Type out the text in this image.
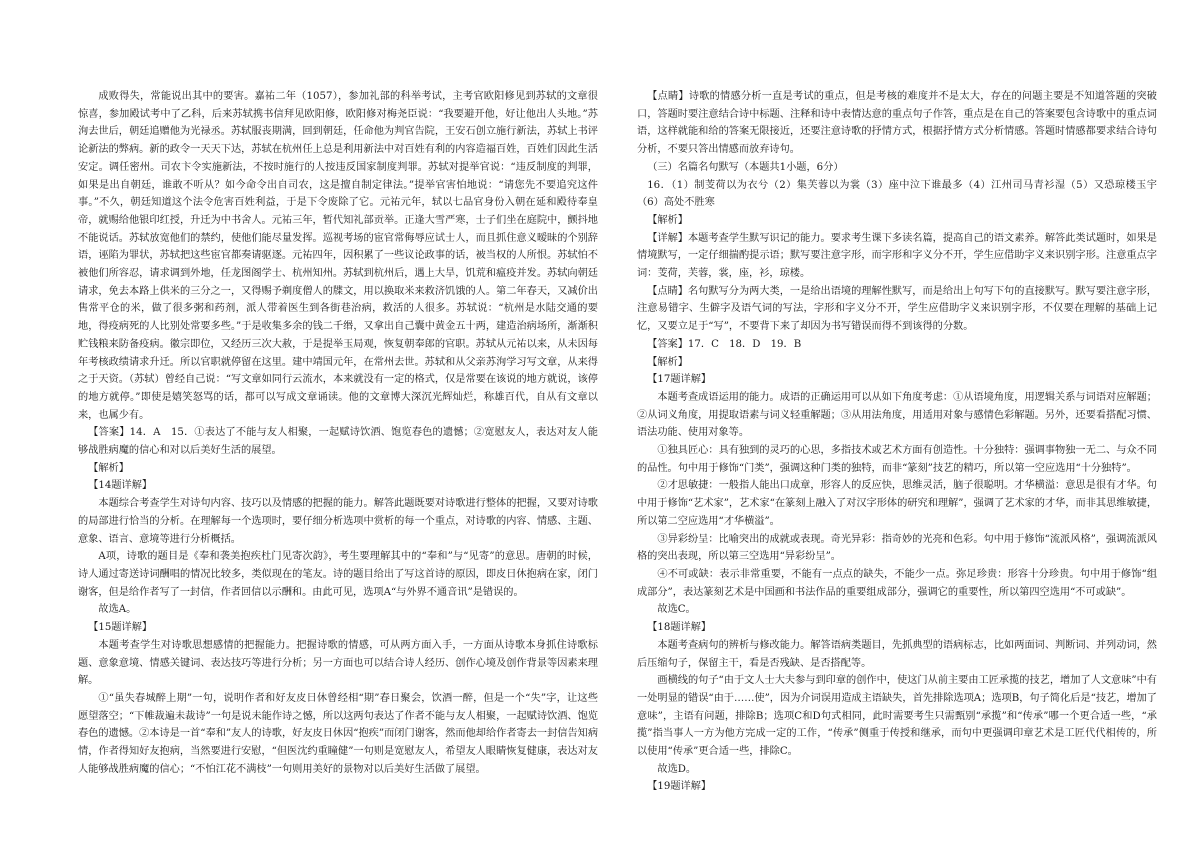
成败得失，常能说出其中的要害。嘉祐二年（1057），参加礼部的科举考试，主考官欧阳修见到苏轼的文章很惊喜，参加殿试考中了乙科，后来苏轼携书信拜见欧阳修，欧阳修对梅尧臣说：“我要避开他，好让他出人头地。”苏洵去世后，朝廷追赠他为光禄丞。苏轼服丧期满，回到朝廷，任命他为判官告院，王安石创立施行新法，苏轼上书评论新法的弊病。新的政令一天天下达，苏轼在杭州任上总是利用新法中对百姓有利的内容造福百姓，百姓们因此生活安定。调任密州。司农卞令实施新法，不按时施行的人按违反国家制度判罪。苏轼对提举官说：“违反制度的判罪，如果是出自朝廷，谁敢不听从？如今命令出自司农，这是擅自制定律法。”提举官害怕地说：“请您先不要追究这件事。”不久，朝廷知道这个法令危害百姓利益，于是下令废除了它。元祐元年，轼以七品官身份入朝在延和殿待奉皇帝，就赐给他银印红授，升迁为中书舍人。元祐三年，暂代知礼部贡举。正逢大雪严寒，士子们坐在庭院中，颤抖地不能说话。苏轼放宽他们的禁约，使他们能尽量发挥。巡视考场的宦官常侮辱应试士人，而且抓住意义暧昧的个别辞语，诬陷为罪状，苏轼把这些宦官都奏请驱逐。元祐四年，因积累了一些议论政事的话，被当权的人所恨。苏轼怕不被他们所容忍，请求调到外地，任龙图阁学士、杭州知州。苏轼到杭州后，遇上大旱，饥荒和瘟疫并发。苏轼向朝廷请求，免去本路上供米的三分之一，又得赐予剃度僧人的牒文，用以换取米来救济饥饿的人。第二年春天，又减价出售常平仓的米，做了很多粥和药剂，派人带着医生到各街巷治病，救活的人很多。苏轼说：“杭州是水陆交通的要地，得疫病死的人比别处常要多些。”于是收集多余的钱二千缗，又拿出自己囊中黄金五十两，建造治病场所，渐渐积贮钱粮来防备疫病。徽宗即位，又经历三次大赦，于是提举玉局观，恢复朝奉郎的官职。苏轼从元祐以来，从未因每年考核政绩请求升迁。所以官职就停留在这里。建中靖国元年，在常州去世。苏轼和从父亲苏洵学习写文章，从来得之于天资。（苏轼）曾经自己说：“写文章如同行云流水，本来就没有一定的格式，仅是常要在该说的地方就说，该停的地方就停。”即使是嬉笑怒骂的话，都可以写成文章诵读。他的文章博大深沉光辉灿烂，称雄百代，自从有文章以来，也属少有。

【答案】14．A　15．①表达了不能与友人相聚，一起赋诗饮酒、饱览春色的遗憾；②宽慰友人，表达对友人能够战胜病魔的信心和对以后美好生活的展望。

【解析】

【14题详解】

本题综合考查学生对诗句内容、技巧以及情感的把握的能力。解答此题既要对诗歌进行整体的把握，又要对诗歌的局部进行恰当的分析。在理解每一个选项时，要仔细分析选项中赏析的每一个重点，对诗歌的内容、情感、主题、意象、语言、意境等进行分析概括。

A项，诗歌的题目是《奉和袭美抱疾杜门见寄次韵》，考生要理解其中的“奉和”与“见寄”的意思。唐朝的时候，诗人通过寄送诗词酬唱的情况比较多，类似现在的笔友。诗的题目给出了写这首诗的原因，即皮日休抱病在家，闭门谢客，但是给作者写了一封信，作者回信以示酬和。由此可见，选项A“与外界不通音讯”是错误的。

故选A。

【15题详解】

本题考查学生对诗歌思想感情的把握能力。把握诗歌的情感，可从两方面入手，一方面从诗歌本身抓住诗歌标题、意象意境、情感关键词、表达技巧等进行分析；另一方面也可以结合诗人经历、创作心境及创作背景等因素来理解。

①“虽失春城醉上期”一句，说明作者和好友皮日休曾经相“期”春日聚会，饮酒一醉，但是一个“失”字，让这些愿望落空；“下帷裁遍未裁诗”一句是说未能作诗之憾，所以这两句表达了作者不能与友人相聚，一起赋诗饮酒、饱览春色的遗憾。②本诗是一首“奉和”友人的诗歌，好友皮日休因“抱疾”而闭门谢客，然而他却给作者寄去一封信告知病情，作者得知好友抱病，当然要进行安慰，“但医沈约重瞳健”一句则是宽慰友人，希望友人眼睛恢复健康，表达对友人能够战胜病魔的信心；“不怕江花不满枝”一句则用美好的景物对以后美好生活做了展望。

【点睛】诗歌的情感分析一直是考试的重点，但是考核的难度并不是太大，存在的问题主要是不知道答题的突破口，答题时要注意结合诗中标题、注释和诗中表情达意的重点句子作答，重点是在自己的答案要包含诗歌中的重点词语，这样就能和给的答案无限接近，还要注意诗歌的抒情方式，根据抒情方式分析情感。答题时情感都要求结合诗句分析，不要只答出情感而放弃诗句。

（三）名篇名句默写（本题共1小题，6分）

16．（1）制芰荷以为衣兮（2）集芙蓉以为裳（3）座中泣下谁最多（4）江州司马青衫湿（5）又恐琼楼玉宇（6）高处不胜寒

【解析】

【详解】本题考查学生默写识记的能力。要求考生课下多读名篇，提高自己的语文素养。解答此类试题时，如果是情境默写，一定仔细揣酌提示语；默写要注意字形，而字形和字义分不开，学生应借助字义来识别字形。注意重点字词：芰荷，芙蓉，裳，座，衫，琼楼。

【点睛】名句默写分为两大类，一是给出语境的理解性默写，而是给出上句写下句的直接默写。默写要注意字形，注意易错字、生僻字及语气词的写法，字形和字义分不开，学生应借助字义来识别字形，不仅要在理解的基础上记忆，又要立足于“写”，不要背下来了却因为书写错误而得不到该得的分数。

【答案】17．C　18．D　19．B

【解析】

【17题详解】

本题考查成语运用的能力。成语的正确运用可以从如下角度考虑：①从语境角度，用逻辑关系与词语对应解题；②从词义角度，用提取语素与词义轻重解题；③从用法角度，用适用对象与感情色彩解题。另外，还要看搭配习惯、语法功能、使用对象等。

①独具匠心：具有独到的灵巧的心思，多指技术或艺术方面有创造性。十分独特：强调事物独一无二、与众不同的品性。句中用于修饰“门类”，强调这种门类的独特，而非“篆刻”技艺的精巧，所以第一空应选用“十分独特”。

②才思敏捷：一般指人能出口成章，形容人的反应快，思维灵活，脑子很聪明。才华横溢：意思是很有才华。句中用于修饰“艺术家”，艺术家“在篆刻上融入了对汉字形体的研究和理解”，强调了艺术家的才华，而非其思维敏捷，所以第二空应选用“才华横溢”。

③异彩纷呈：比喻突出的成就或表现。奇光异彩：指奇妙的光亮和色彩。句中用于修饰“流派风格”，强调流派风格的突出表现，所以第三空选用“异彩纷呈”。

④不可或缺：表示非常重要，不能有一点点的缺失，不能少一点。弥足珍贵：形容十分珍贵。句中用于修饰“组成部分”，表达篆刻艺术是中国画和书法作品的重要组成部分，强调它的重要性，所以第四空选用“不可或缺”。

故选C。

【18题详解】

本题考查病句的辨析与修改能力。解答语病类题目，先抓典型的语病标志，比如两面词、判断词、并列动词，然后压缩句子，保留主干，看是否残缺、是否搭配等。

画横线的句子“由于文人士大夫参与到印章的创作中，使这门从前主要由工匠承揽的技艺，增加了人文意味”中有一处明显的错误“由于……使”，因为介词误用造成主语缺失，首先排除选项A；选项B，句子简化后是“技艺，增加了意味”，主语有问题，排除B；选项C和D句式相同，此时需要考生只需甄别“承揽”和“传承”哪一个更合适一些，“承揽”指当事人一方为他方完成一定的工作，“传承”侧重于传授和继承，而句中更强调印章艺术是工匠代代相传的，所以使用“传承”更合适一些，排除C。

故选D。

【19题详解】
